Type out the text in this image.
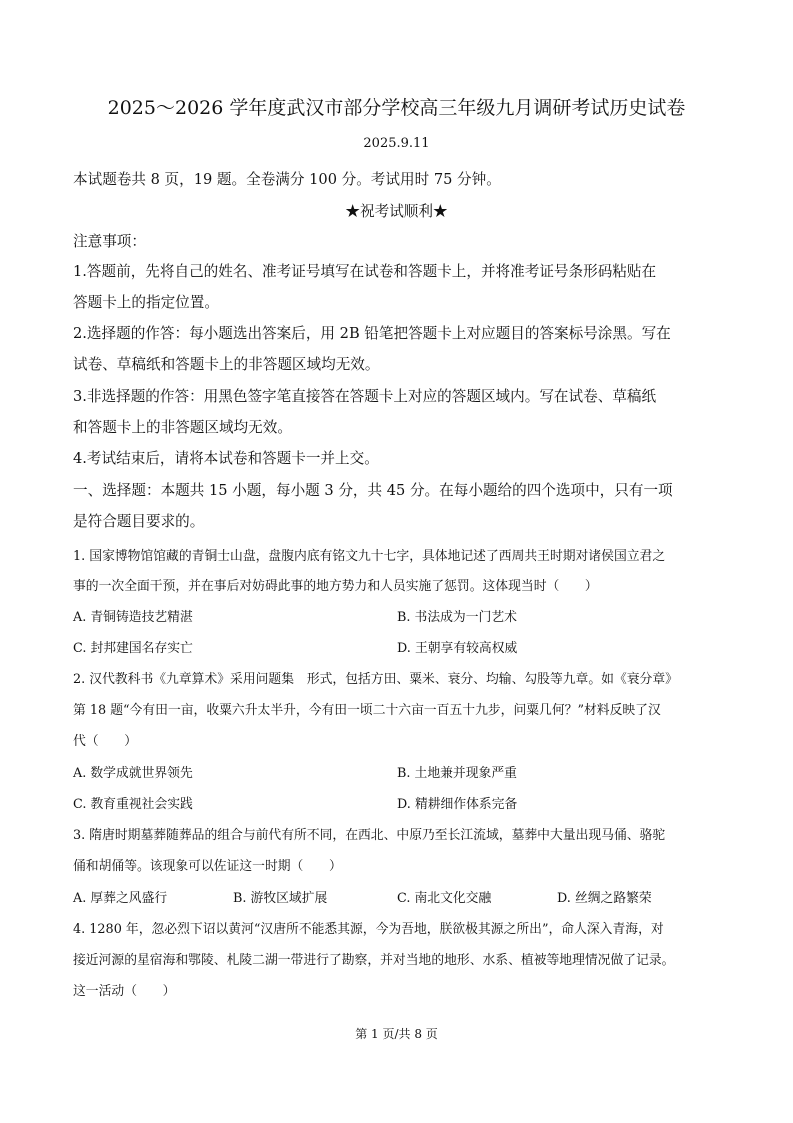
2025～2026 学年度武汉市部分学校高三年级九月调研考试历史试卷
2025.9.11
本试题卷共 8 页，19 题。全卷满分 100 分。考试用时 75 分钟。
★祝考试顺利★
注意事项：
1.答题前，先将自己的姓名、准考证号填写在试卷和答题卡上，并将准考证号条形码粘贴在
答题卡上的指定位置。
2.选择题的作答：每小题选出答案后，用 2B 铅笔把答题卡上对应题目的答案标号涂黑。写在
试卷、草稿纸和答题卡上的非答题区域均无效。
3.非选择题的作答：用黑色签字笔直接答在答题卡上对应的答题区域内。写在试卷、草稿纸
和答题卡上的非答题区域均无效。
4.考试结束后，请将本试卷和答题卡一并上交。
一、选择题：本题共 15 小题，每小题 3 分，共 45 分。在每小题给的四个选项中，只有一项
是符合题目要求的。
1. 国家博物馆馆藏的青铜士山盘，盘腹内底有铭文九十七字，具体地记述了西周共王时期对诸侯国立君之
事的一次全面干预，并在事后对妨碍此事的地方势力和人员实施了惩罚。这体现当时（　　）
A. 青铜铸造技艺精湛	B. 书法成为一门艺术
C. 封邦建国名存实亡	D. 王朝享有较高权威
2. 汉代教科书《九章算术》采用问题集　形式，包括方田、粟米、衰分、均输、勾股等九章。如《衰分章》
第 18 题“今有田一亩，收粟六升太半升，今有田一顷二十六亩一百五十九步，问粟几何？”材料反映了汉
代（　　）
A. 数学成就世界领先	B. 土地兼并现象严重
C. 教育重视社会实践	D. 精耕细作体系完备
3. 隋唐时期墓葬随葬品的组合与前代有所不同，在西北、中原乃至长江流域，墓葬中大量出现马俑、骆驼
俑和胡俑等。该现象可以佐证这一时期（　　）
A. 厚葬之风盛行	B. 游牧区域扩展	C. 南北文化交融	D. 丝绸之路繁荣
4. 1280 年，忽必烈下诏以黄河“汉唐所不能悉其源，今为吾地，朕欲极其源之所出”，命人深入青海，对
接近河源的星宿海和鄂陵、札陵二湖一带进行了勘察，并对当地的地形、水系、植被等地理情况做了记录。
这一活动（　　）
第 1 页/共 8 页
